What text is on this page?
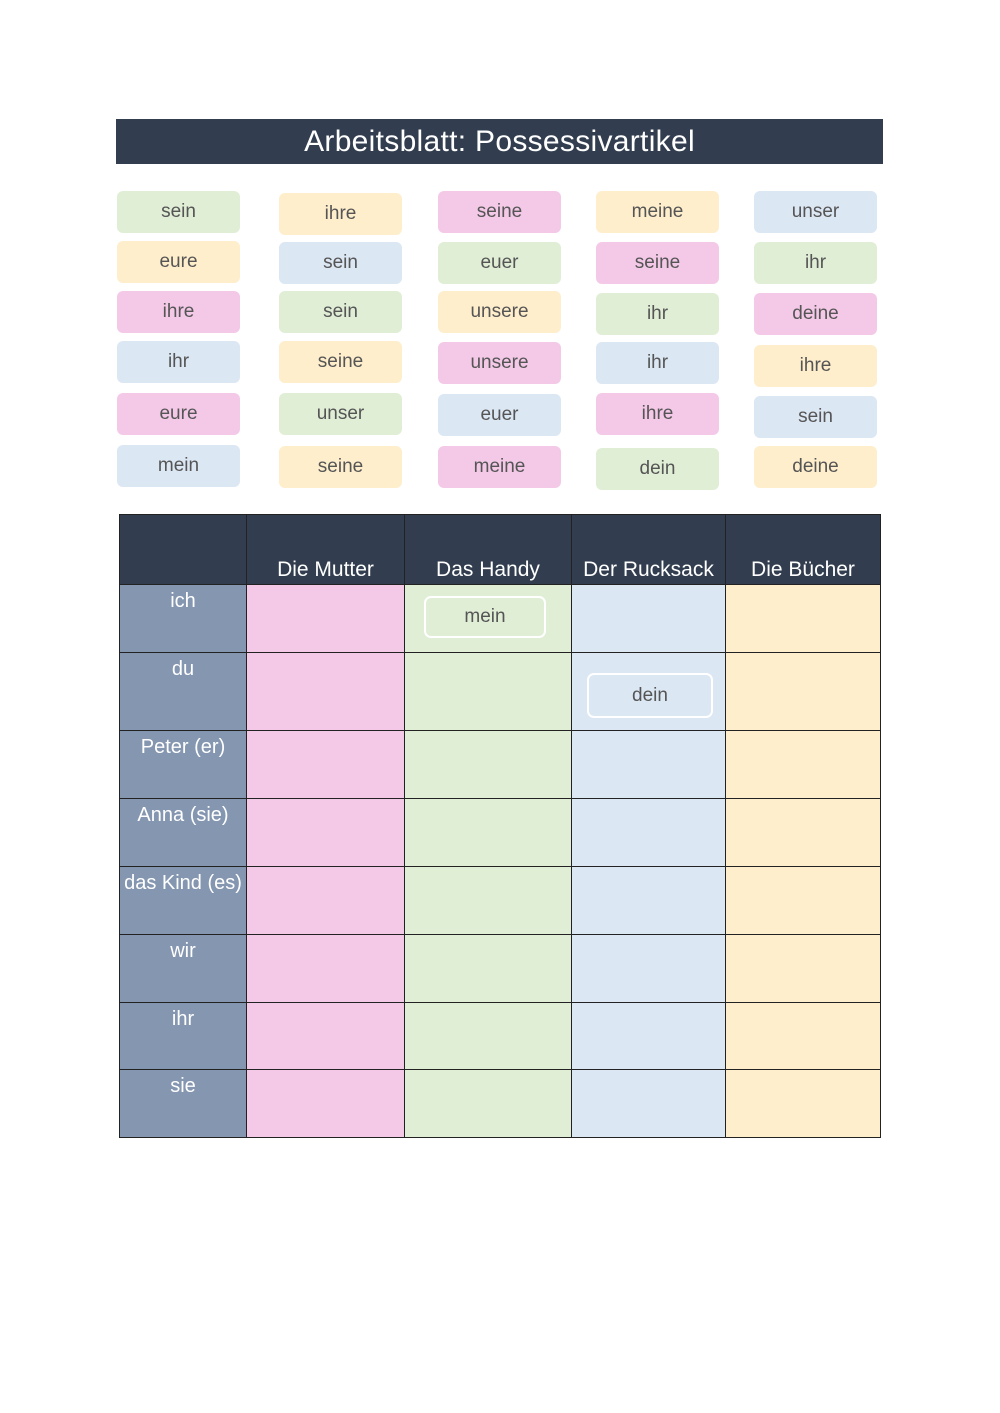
Arbeitsblatt: Possessivartikel
sein
eure
ihre
ihr
eure
mein
ihre
sein
sein
seine
unser
seine
seine
euer
unsere
unsere
euer
meine
meine
seine
ihr
ihr
ihre
dein
unser
ihr
deine
ihre
sein
deine
	Die Mutter	Das Handy	Der Rucksack	Die Bücher
ich		mein		

du			dein	

Peter (er)				
Anna (sie)				
das Kind (es)				
wir				
ihr				
sie				
